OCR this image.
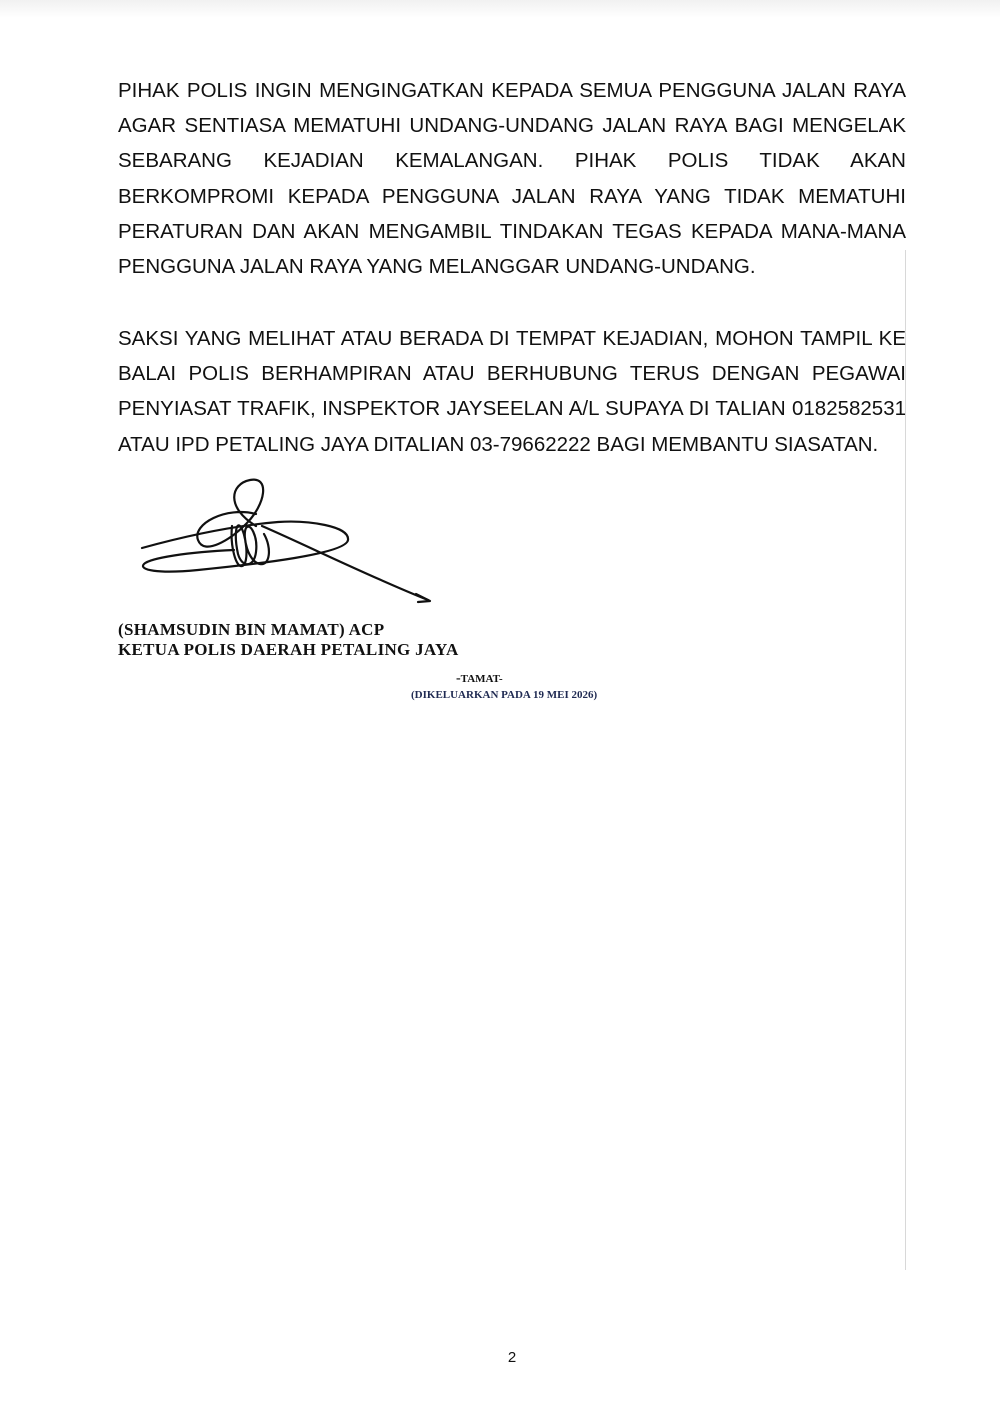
PIHAK POLIS INGIN MENGINGATKAN KEPADA SEMUA PENGGUNA JALAN RAYA AGAR SENTIASA MEMATUHI UNDANG-UNDANG JALAN RAYA BAGI MENGELAK SEBARANG KEJADIAN KEMALANGAN. PIHAK POLIS TIDAK AKAN BERKOMPROMI KEPADA PENGGUNA JALAN RAYA YANG TIDAK MEMATUHI PERATURAN DAN AKAN MENGAMBIL TINDAKAN TEGAS KEPADA MANA-MANA PENGGUNA JALAN RAYA YANG MELANGGAR UNDANG-UNDANG.

SAKSI YANG MELIHAT ATAU BERADA DI TEMPAT KEJADIAN, MOHON TAMPIL KE BALAI POLIS BERHAMPIRAN ATAU BERHUBUNG TERUS DENGAN PEGAWAI PENYIASAT TRAFIK, INSPEKTOR JAYSEELAN A/L SUPAYA DI TALIAN 0182582531 ATAU IPD PETALING JAYA DITALIAN 03-79662222 BAGI MEMBANTU SIASATAN.

(SHAMSUDIN BIN MAMAT) ACP
KETUA POLIS DAERAH PETALING JAYA
-TAMAT-
(DIKELUARKAN PADA 19 MEI 2026)
2
